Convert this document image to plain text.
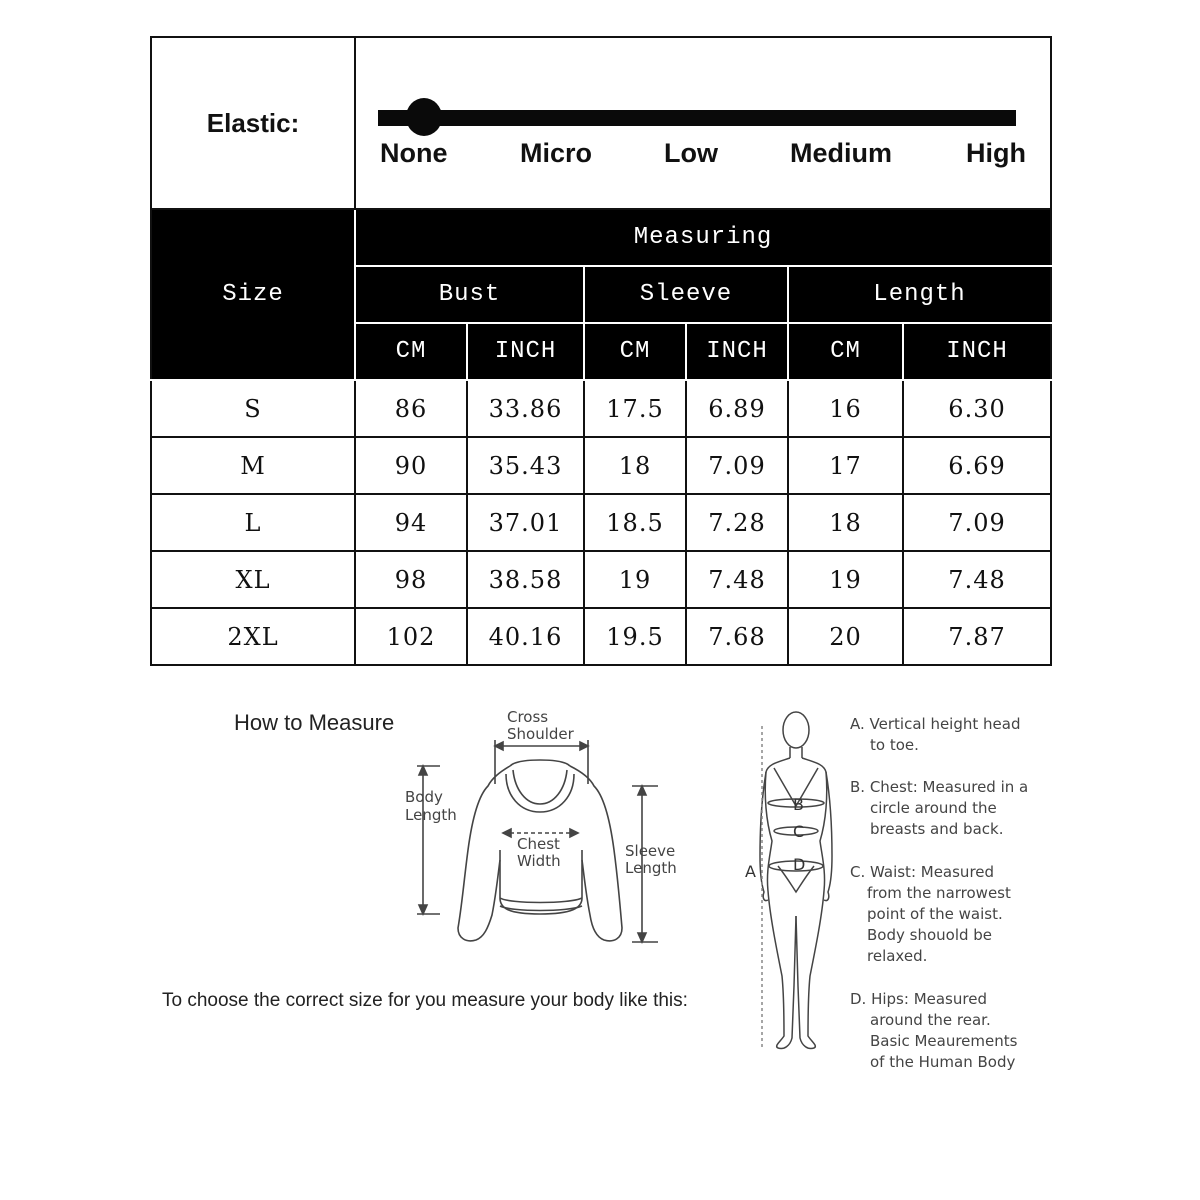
Elastic:	None Micro Low Medium High					

Size	Measuring					
	Bust		Sleeve		Length	
	CM	INCH	CM	INCH	CM	INCH
S	86	33.86	17.5	6.89	16	6.30
M	90	35.43	18	7.09	17	6.69
L	94	37.01	18.5	7.28	18	7.09
XL	98	38.58	19	7.48	19	7.48
2XL	102	40.16	19.5	7.68	20	7.87
How to Measure	Cross
Shoulder
Body
Length
Chest
Width
Sleeve
Length
To choose the correct size for you measure your body like this:
B
C
D
A
A. Vertical height head
to toe.
B. Chest: Measured in a
circle around the
breasts and back.
C. Waist: Measured
from the narrowest
point of the waist.
Body shouold be
relaxed.
D. Hips: Measured
around the rear.
Basic Meaurements
of the Human Body
